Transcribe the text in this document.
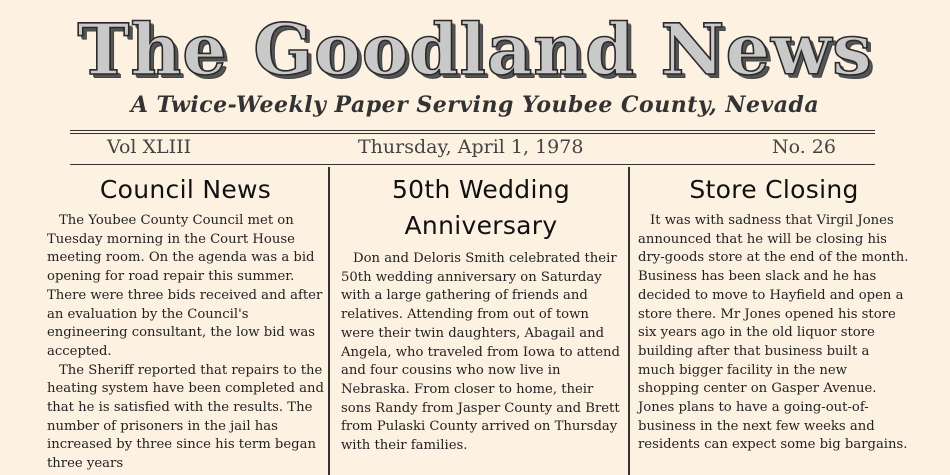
The Goodland News
A Twice-Weekly Paper Serving Youbee County, Nevada
Vol XLIII	Thursday, April 1, 1978	No. 26
Council News

The Youbee County Council met on Tuesday morning in the Court House meeting room. On the agenda was a bid opening for road repair this summer. There were three bids received and after an evaluation by the Council's engineering consultant, the low bid was accepted.

The Sheriff reported that repairs to the heating system have been completed and that he is satisfied with the results. The number of prisoners in the jail has increased by three since his term began three years

50th Wedding Anniversary

Don and Deloris Smith celebrated their 50th wedding anniversary on Saturday with a large gathering of friends and relatives. Attending from out of town were their twin daughters, Abagail and Angela, who traveled from Iowa to attend and four cousins who now live in Nebraska. From closer to home, their sons Randy from Jasper County and Brett from Pulaski County arrived on Thursday with their families.

Store Closing

It was with sadness that Virgil Jones announced that he will be closing his dry-goods store at the end of the month. Business has been slack and he has decided to move to Hayfield and open a store there. Mr Jones opened his store six years ago in the old liquor store building after that business built a much bigger facility in the new shopping center on Gasper Avenue. Jones plans to have a going-out-of-business in the next few weeks and residents can expect some big bargains.
